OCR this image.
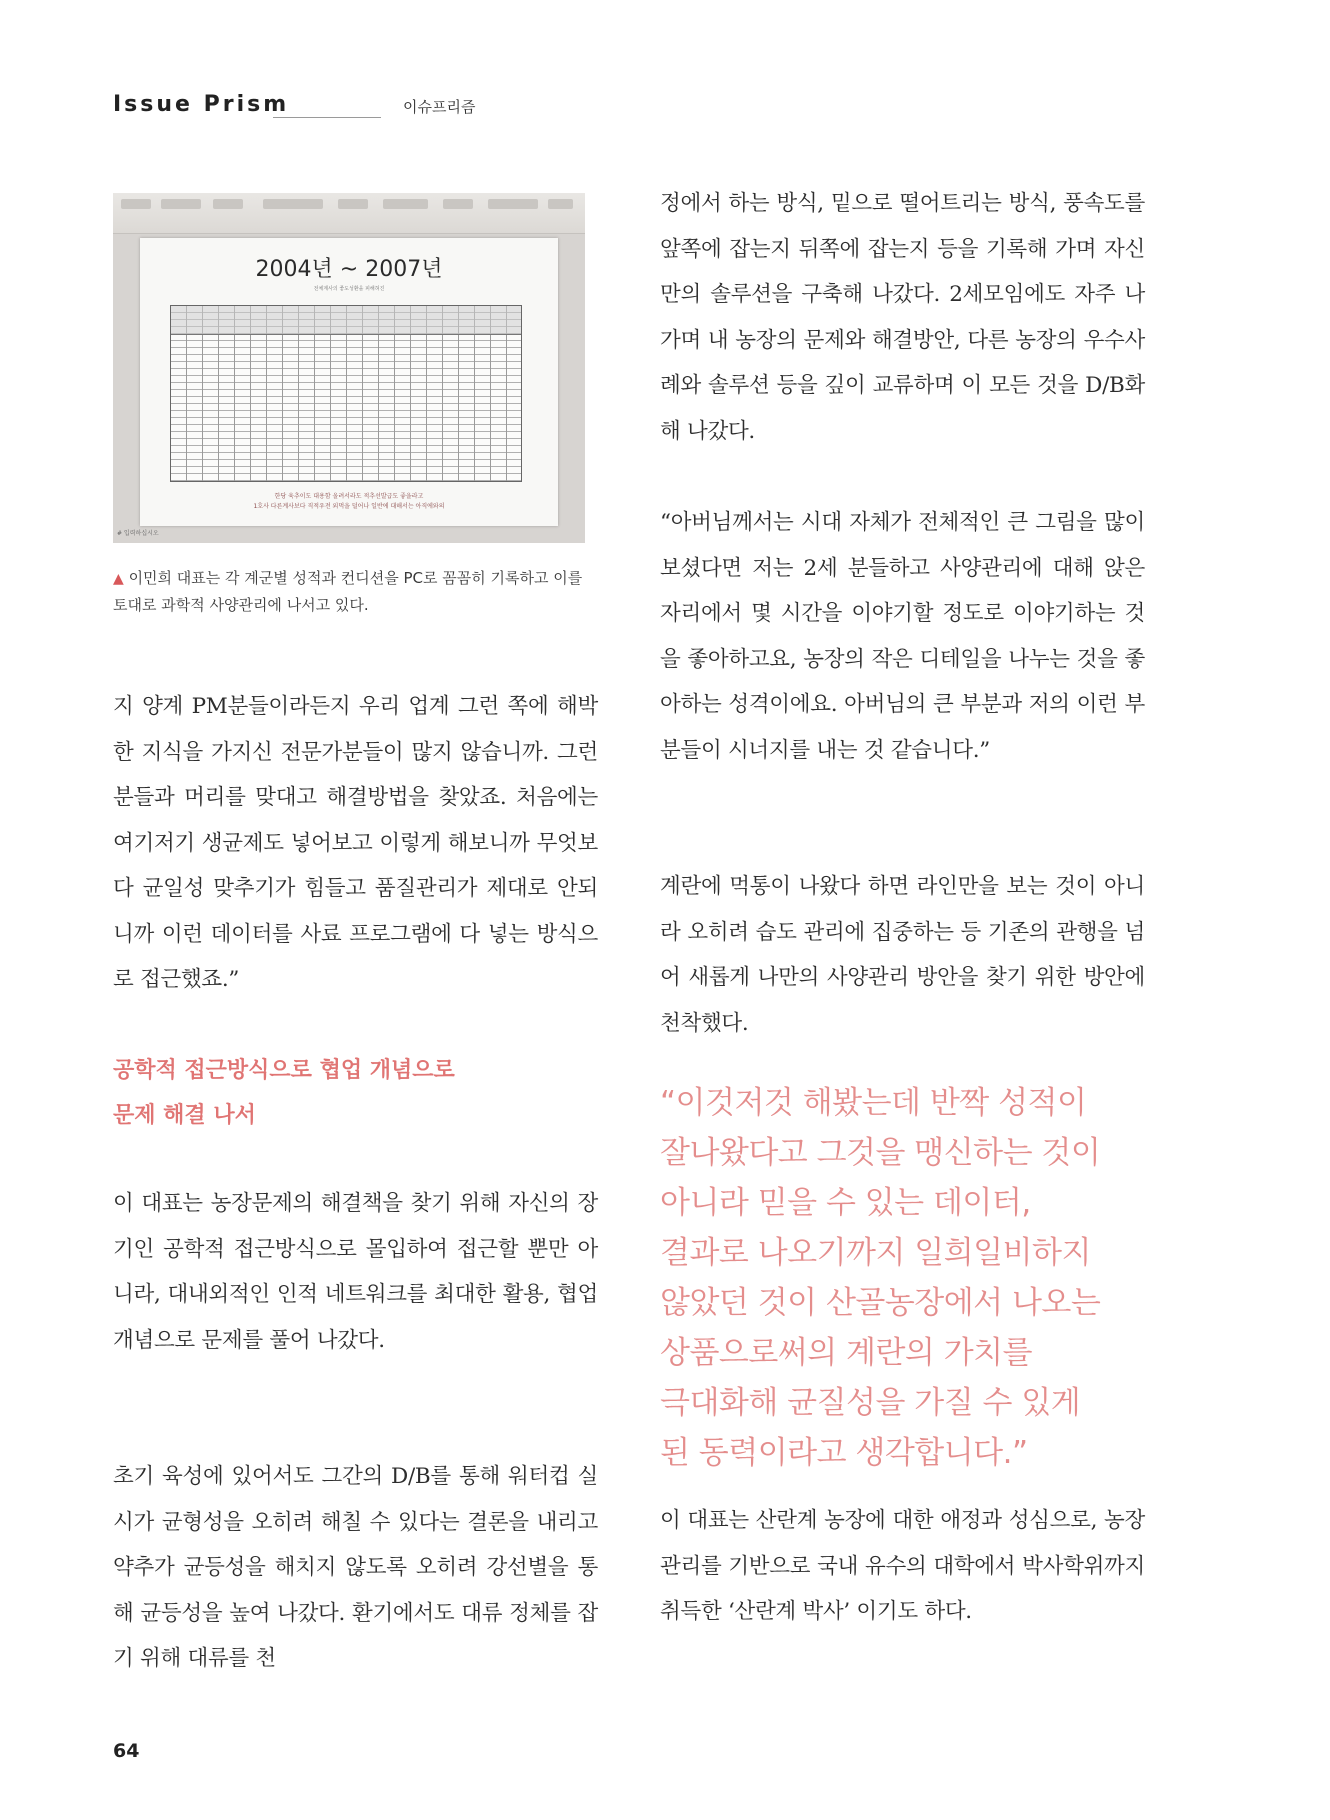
Issue Prism	이슈프리즘
2004년 ~ 2007년
전체계사의 좋도성환을 피해혀진
한당 육추이도 대용함 올려서라도 적추선발급도 좋을라고
1호사 다른계사보다 직적우전 외먹을 덜어나 일반에 대해서는 아직에와의
# 입력하십시오
▲ 이민희 대표는 각 계군별 성적과 컨디션을 PC로 꼼꼼히 기록하고 이를 토대로 과학적 사양관리에 나서고 있다.

지 양계 PM분들이라든지 우리 업계 그런 쪽에 해박한 지식을 가지신 전문가분들이 많지 않습니까. 그런분들과 머리를 맞대고 해결방법을 찾았죠. 처음에는 여기저기 생균제도 넣어보고 이렇게 해보니까 무엇보다 균일성 맞추기가 힘들고 품질관리가 제대로 안되니까 이런 데이터를 사료 프로그램에 다 넣는 방식으로 접근했죠.”

공학적 접근방식으로 협업 개념으로

문제 해결 나서

이 대표는 농장문제의 해결책을 찾기 위해 자신의 장기인 공학적 접근방식으로 몰입하여 접근할 뿐만 아니라, 대내외적인 인적 네트워크를 최대한 활용, 협업 개념으로 문제를 풀어 나갔다.

초기 육성에 있어서도 그간의 D/B를 통해 워터컵 실시가 균형성을 오히려 해칠 수 있다는 결론을 내리고 약추가 균등성을 해치지 않도록 오히려 강선별을 통해 균등성을 높여 나갔다. 환기에서도 대류 정체를 잡기 위해 대류를 천

정에서 하는 방식, 밑으로 떨어트리는 방식, 풍속도를 앞쪽에 잡는지 뒤쪽에 잡는지 등을 기록해 가며 자신만의 솔루션을 구축해 나갔다. 2세모임에도 자주 나가며 내 농장의 문제와 해결방안, 다른 농장의 우수사례와 솔루션 등을 깊이 교류하며 이 모든 것을 D/B화해 나갔다.

“아버님께서는 시대 자체가 전체적인 큰 그림을 많이 보셨다면 저는 2세 분들하고 사양관리에 대해 앉은 자리에서 몇 시간을 이야기할 정도로 이야기하는 것을 좋아하고요, 농장의 작은 디테일을 나누는 것을 좋아하는 성격이에요. 아버님의 큰 부분과 저의 이런 부분들이 시너지를 내는 것 같습니다.”

계란에 먹통이 나왔다 하면 라인만을 보는 것이 아니라 오히려 습도 관리에 집중하는 등 기존의 관행을 넘어 새롭게 나만의 사양관리 방안을 찾기 위한 방안에 천착했다.

“이것저것 해봤는데 반짝 성적이

잘나왔다고 그것을 맹신하는 것이

아니라 믿을 수 있는 데이터,

결과로 나오기까지 일희일비하지

않았던 것이 산골농장에서 나오는

상품으로써의 계란의 가치를

극대화해 균질성을 가질 수 있게

된 동력이라고 생각합니다.”

이 대표는 산란계 농장에 대한 애정과 성심으로, 농장 관리를 기반으로 국내 유수의 대학에서 박사학위까지 취득한 ‘산란계 박사’ 이기도 하다.

64
